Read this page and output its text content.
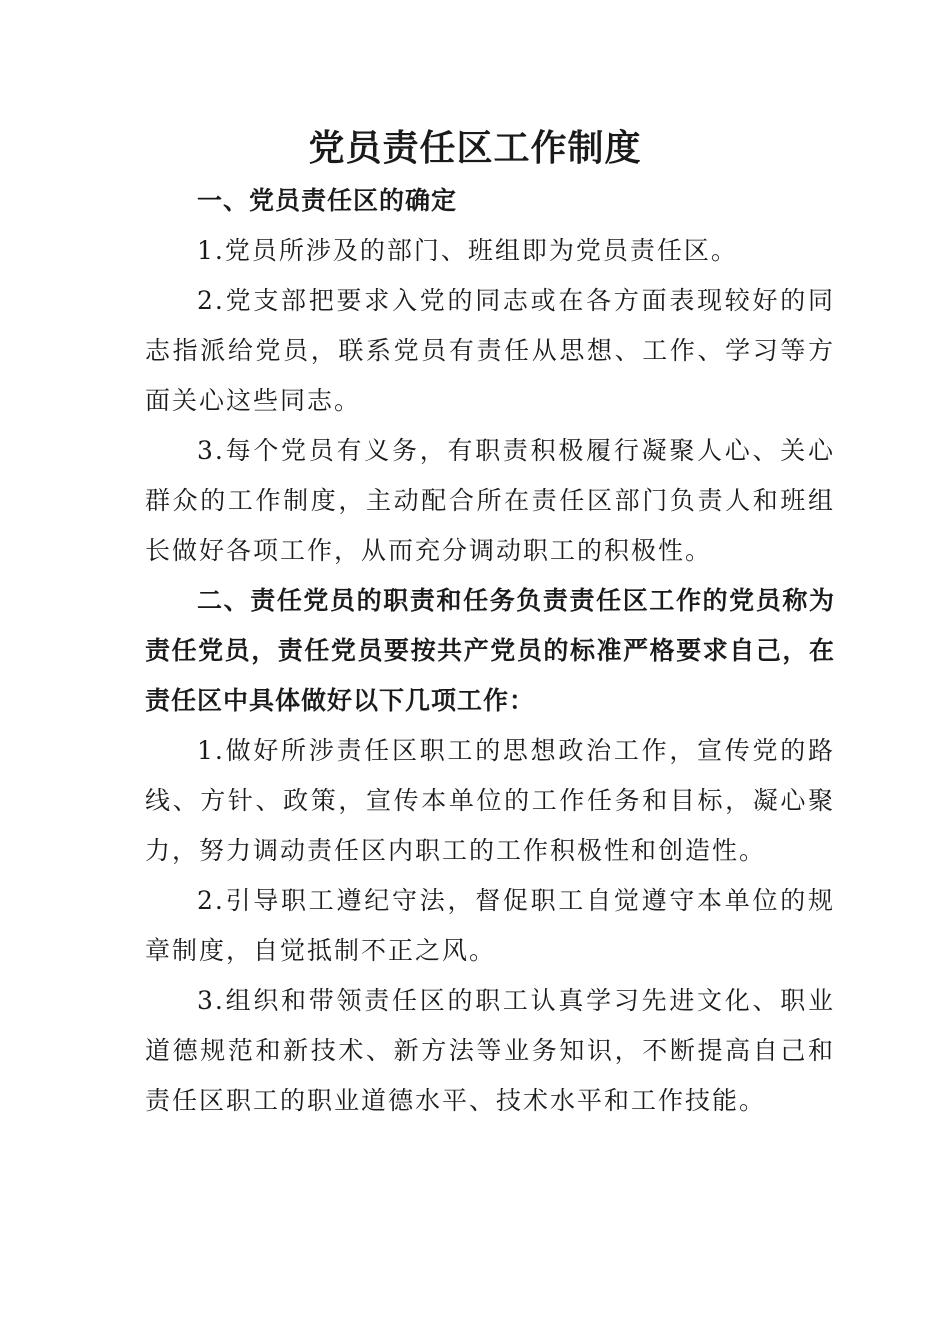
党员责任区工作制度

一、党员责任区的确定

1.党员所涉及的部门、班组即为党员责任区。

2.党支部把要求入党的同志或在各方面表现较好的同志指派给党员，联系党员有责任从思想、工作、学习等方面关心这些同志。

3.每个党员有义务，有职责积极履行凝聚人心、关心群众的工作制度，主动配合所在责任区部门负责人和班组长做好各项工作，从而充分调动职工的积极性。

二、责任党员的职责和任务负责责任区工作的党员称为责任党员，责任党员要按共产党员的标准严格要求自己，在责任区中具体做好以下几项工作：

1.做好所涉责任区职工的思想政治工作，宣传党的路线、方针、政策，宣传本单位的工作任务和目标，凝心聚力，努力调动责任区内职工的工作积极性和创造性。

2.引导职工遵纪守法，督促职工自觉遵守本单位的规章制度，自觉抵制不正之风。

3.组织和带领责任区的职工认真学习先进文化、职业道德规范和新技术、新方法等业务知识，不断提高自己和责任区职工的职业道德水平、技术水平和工作技能。
